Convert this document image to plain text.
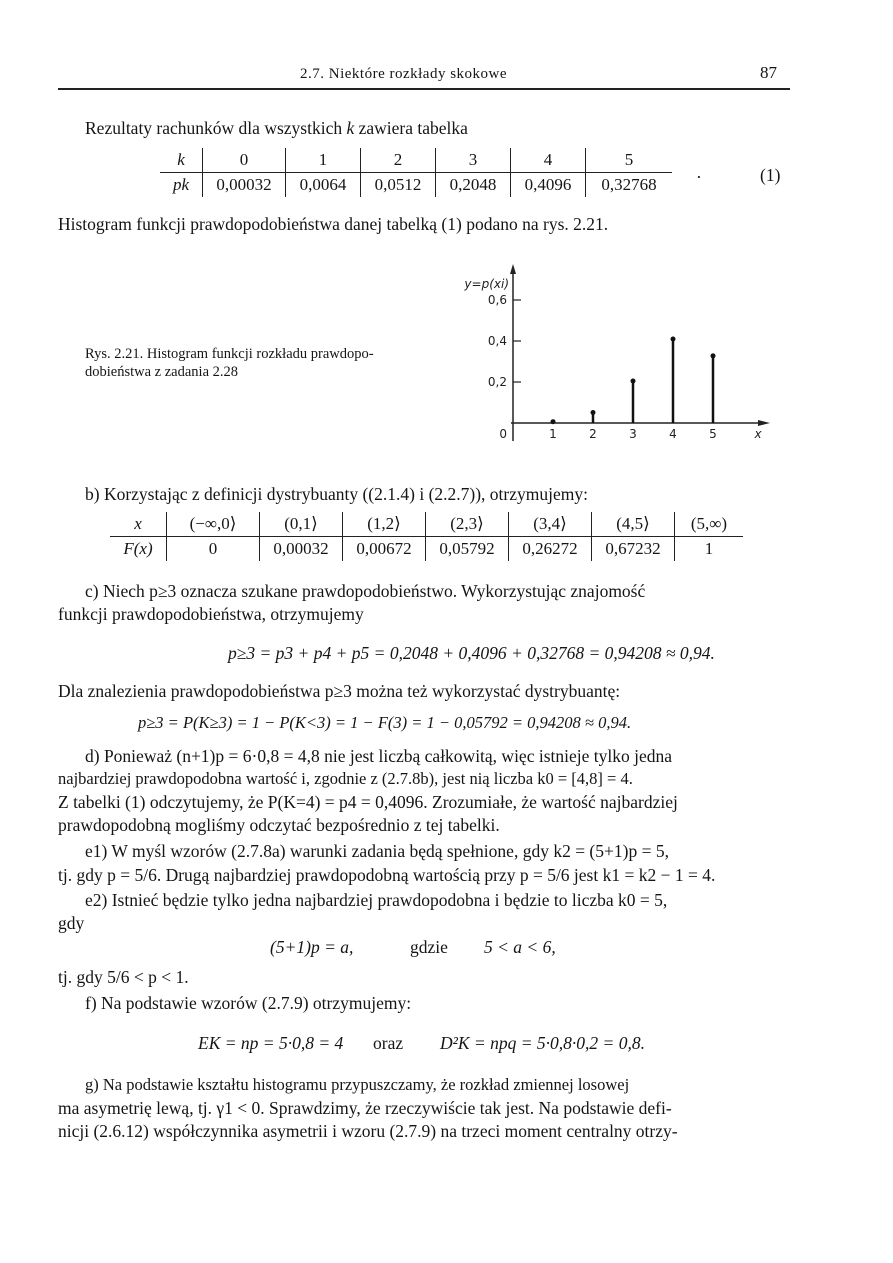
2.7. Niektóre rozkłady skokowe	87
Rezultaty rachunków dla wszystkich k zawiera tabelka
k	0	1	2	3	4	5
pk	0,00032	0,0064	0,0512	0,2048	0,4096	0,32768 ·	(1)
Histogram funkcji prawdopodobieństwa danej tabelką (1) podano na rys. 2.21.
Rys. 2.21. Histogram funkcji rozkładu prawdopo-
dobieństwa z zadania 2.28
0,2
0,4
0,6
y=p(xi)
0	1	2	3	4	5	x
b) Korzystając z definicji dystrybuanty ((2.1.4) i (2.2.7)), otrzymujemy:
x	(−∞,0⟩	(0,1⟩	(1,2⟩	(2,3⟩	(3,4⟩	(4,5⟩	(5,∞)
F(x)	0	0,00032	0,00672	0,05792	0,26272	0,67232	1
c) Niech p≥3 oznacza szukane prawdopodobieństwo. Wykorzystując znajomość
funkcji prawdopodobieństwa, otrzymujemy
p≥3 = p3 + p4 + p5 = 0,2048 + 0,4096 + 0,32768 = 0,94208 ≈ 0,94.
Dla znalezienia prawdopodobieństwa p≥3 można też wykorzystać dystrybuantę:
p≥3 = P(K≥3) = 1 − P(K<3) = 1 − F(3) = 1 − 0,05792 = 0,94208 ≈ 0,94.
d) Ponieważ (n+1)p = 6·0,8 = 4,8 nie jest liczbą całkowitą, więc istnieje tylko jedna
najbardziej prawdopodobna wartość i, zgodnie z (2.7.8b), jest nią liczba k0 = [4,8] = 4.
Z tabelki (1) odczytujemy, że P(K=4) = p4 = 0,4096. Zrozumiałe, że wartość najbardziej
prawdopodobną mogliśmy odczytać bezpośrednio z tej tabelki.
e1) W myśl wzorów (2.7.8a) warunki zadania będą spełnione, gdy k2 = (5+1)p = 5,
tj. gdy p = 5/6. Drugą najbardziej prawdopodobną wartością przy p = 5/6 jest k1 = k2 − 1 = 4.
e2) Istnieć będzie tylko jedna najbardziej prawdopodobna i będzie to liczba k0 = 5,
gdy
(5+1)p = a,	gdzie 5 < a < 6,
tj. gdy 5/6 < p < 1.
f) Na podstawie wzorów (2.7.9) otrzymujemy:
EK = np = 5·0,8 = 4 oraz D²K = npq = 5·0,8·0,2 = 0,8.
g) Na podstawie kształtu histogramu przypuszczamy, że rozkład zmiennej losowej
ma asymetrię lewą, tj. γ1 < 0. Sprawdzimy, że rzeczywiście tak jest. Na podstawie defi-
nicji (2.6.12) współczynnika asymetrii i wzoru (2.7.9) na trzeci moment centralny otrzy-
